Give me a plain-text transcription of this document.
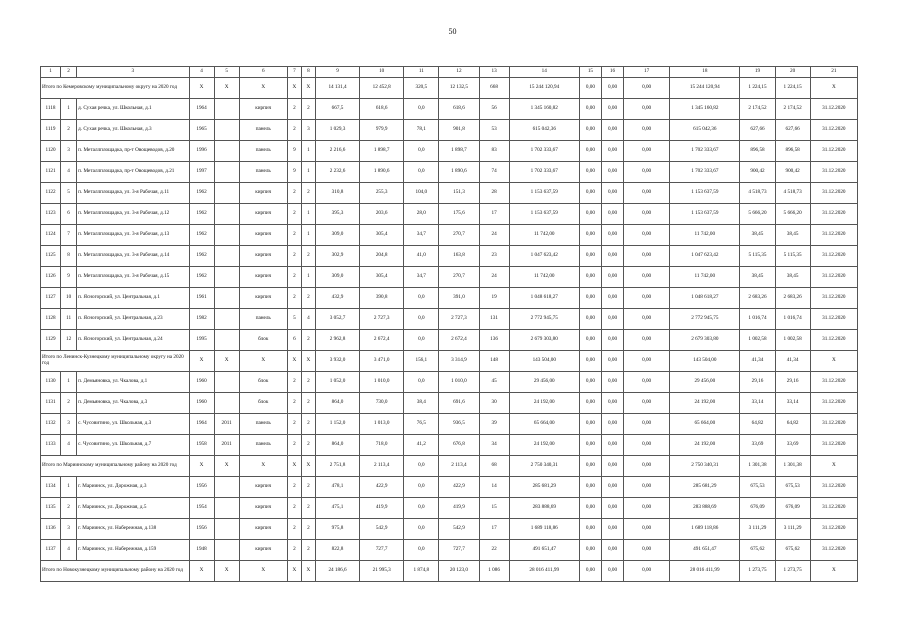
50
1	2	3	4	5	6	7	8	9	10	11	12	13	14	15	16	17	18	19	20	21
Итого по Кемеровскому муниципальному округу на 2020 год			X	X	X	X	X	14 131,4	12 452,8	320,5	12 132,5	668	15 244 120,94	0,00	0,00	0,00	15 244 120,94	1 224,15	1 224,15	X
1118	1	д. Сухая речка, ул. Школьная, д.1	1964		кирпич	2	2	667,5	618,6	0,0	618,6	56	1 345 160,82	0,00	0,00	0,00	1 345 160,82	2 174,52	2 174,52	31.12.2020
1119	2	д. Сухая речка, ул. Школьная, д.3	1965		панель	2	3	1 029,3	979,9	78,1	901,8	53	615 042,36	0,00	0,00	0,00	615 042,36	627,66	627,66	31.12.2020
1120	3	п. Металлплощадка, пр-т Овощеводов, д.20	1996		панель	9	1	2 216,6	1 898,7	0,0	1 898,7	83	1 702 333,67	0,00	0,00	0,00	1 702 333,67	896,58	896,58	31.12.2020
1121	4	п. Металлплощадка, пр-т Овощеводов, д.21	1997		панель	9	1	2 232,6	1 890,6	0,0	1 890,6	74	1 702 333,67	0,00	0,00	0,00	1 702 333,67	900,42	900,42	31.12.2020
1122	5	п. Металлплощадка, ул. 3-я Рабочая, д.11	1962		кирпич	2	2	310,8	255,3	104,0	151,3	28	1 153 637,59	0,00	0,00	0,00	1 153 637,59	4 518,73	4 518,73	31.12.2020
1123	6	п. Металлплощадка, ул. 3-я Рабочая, д.12	1962		кирпич	2	1	395,3	203,6	28,0	175,6	17	1 153 637,59	0,00	0,00	0,00	1 153 637,59	5 666,20	5 666,20	31.12.2020
1124	7	п. Металлплощадка, ул. 3-я Рабочая, д.13	1962		кирпич	2	1	309,0	305,4	34,7	270,7	24	11 742,00	0,00	0,00	0,00	11 742,00	38,45	38,45	31.12.2020
1125	8	п. Металлплощадка, ул. 3-я Рабочая, д.14	1962		кирпич	2	2	302,9	204,8	41,0	163,8	23	1 047 623,42	0,00	0,00	0,00	1 047 623,42	5 115,35	5 115,35	31.12.2020
1126	9	п. Металлплощадка, ул. 3-я Рабочая, д.15	1962		кирпич	2	1	309,0	305,4	34,7	270,7	24	11 742,00	0,00	0,00	0,00	11 742,00	38,45	38,45	31.12.2020
1127	10	п. Ясногорский, ул. Центральная, д.1	1961		кирпич	2	2	432,9	390,8	0,0	391,0	19	1 048 618,27	0,00	0,00	0,00	1 048 618,27	2 683,26	2 683,26	31.12.2020
1128	11	п. Ясногорский, ул. Центральная, д.23	1982		панель	5	4	3 052,7	2 727,3	0,0	2 727,3	131	2 772 945,75	0,00	0,00	0,00	2 772 945,75	1 016,74	1 016,74	31.12.2020
1129	12	п. Ясногорский, ул. Центральная, д.24	1995		блок	6	2	2 962,8	2 672,4	0,0	2 672,4	136	2 679 303,80	0,00	0,00	0,00	2 679 303,80	1 002,58	1 002,58	31.12.2020
Итого по Ленинск-Кузнецкому муниципальному округу на 2020 год			X	X	X	X	X	3 932,0	3 471,0	156,1	3 314,9	148	143 504,00	0,00	0,00	0,00	143 504,00	41,34	41,34	X
1130	1	п. Демьяновка, ул. Чкалова, д.1	1960		блок	2	2	1 052,0	1 010,0	0,0	1 010,0	45	29 456,00	0,00	0,00	0,00	29 456,00	29,16	29,16	31.12.2020
1131	2	п. Демьяновка, ул. Чкалова, д.3	1960		блок	2	2	864,0	730,0	38,4	691,6	30	24 192,00	0,00	0,00	0,00	24 192,00	33,14	33,14	31.12.2020
1132	3	с. Чусовитино, ул. Школьная, д.3	1964	2011	панель	2	2	1 152,0	1 013,0	76,5	936,5	39	65 664,00	0,00	0,00	0,00	65 664,00	64,82	64,82	31.12.2020
1133	4	с. Чусовитино, ул. Школьная, д.7	1958	2011	панель	2	2	864,0	718,0	41,2	676,8	34	24 192,00	0,00	0,00	0,00	24 192,00	33,69	33,69	31.12.2020
Итого по Мариинскому муниципальному району на 2020 год			X	X	X	X	X	2 751,8	2 113,4	0,0	2 113,4	68	2 750 340,31	0,00	0,00	0,00	2 750 340,31	1 301,38	1 301,38	X
1134	1	г. Мариинск, ул. Дорожная, д.3	1956		кирпич	2	2	478,1	422,9	0,0	422,9	14	285 681,29	0,00	0,00	0,00	285 681,29	675,53	675,53	31.12.2020
1135	2	г. Мариинск, ул. Дорожная, д.5	1954		кирпич	2	2	475,1	419,9	0,0	419,9	15	283 888,69	0,00	0,00	0,00	283 888,69	676,09	676,09	31.12.2020
1136	3	г. Мариинск, ул. Набережная, д.138	1956		кирпич	2	2	975,8	542,9	0,0	542,9	17	1 689 118,86	0,00	0,00	0,00	1 689 118,86	3 111,29	3 111,29	31.12.2020
1137	4	г. Мариинск, ул. Набережная, д.159	1948		кирпич	2	2	822,8	727,7	0,0	727,7	22	491 651,47	0,00	0,00	0,00	491 651,47	675,62	675,62	31.12.2020
Итого по Новокузнецкому муниципальному району на 2020 год			X	X	X	X	X	24 186,6	21 995,3	1 874,8	20 123,0	1 086	28 016 411,99	0,00	0,00	0,00	28 016 411,99	1 273,75	1 273,75	X
